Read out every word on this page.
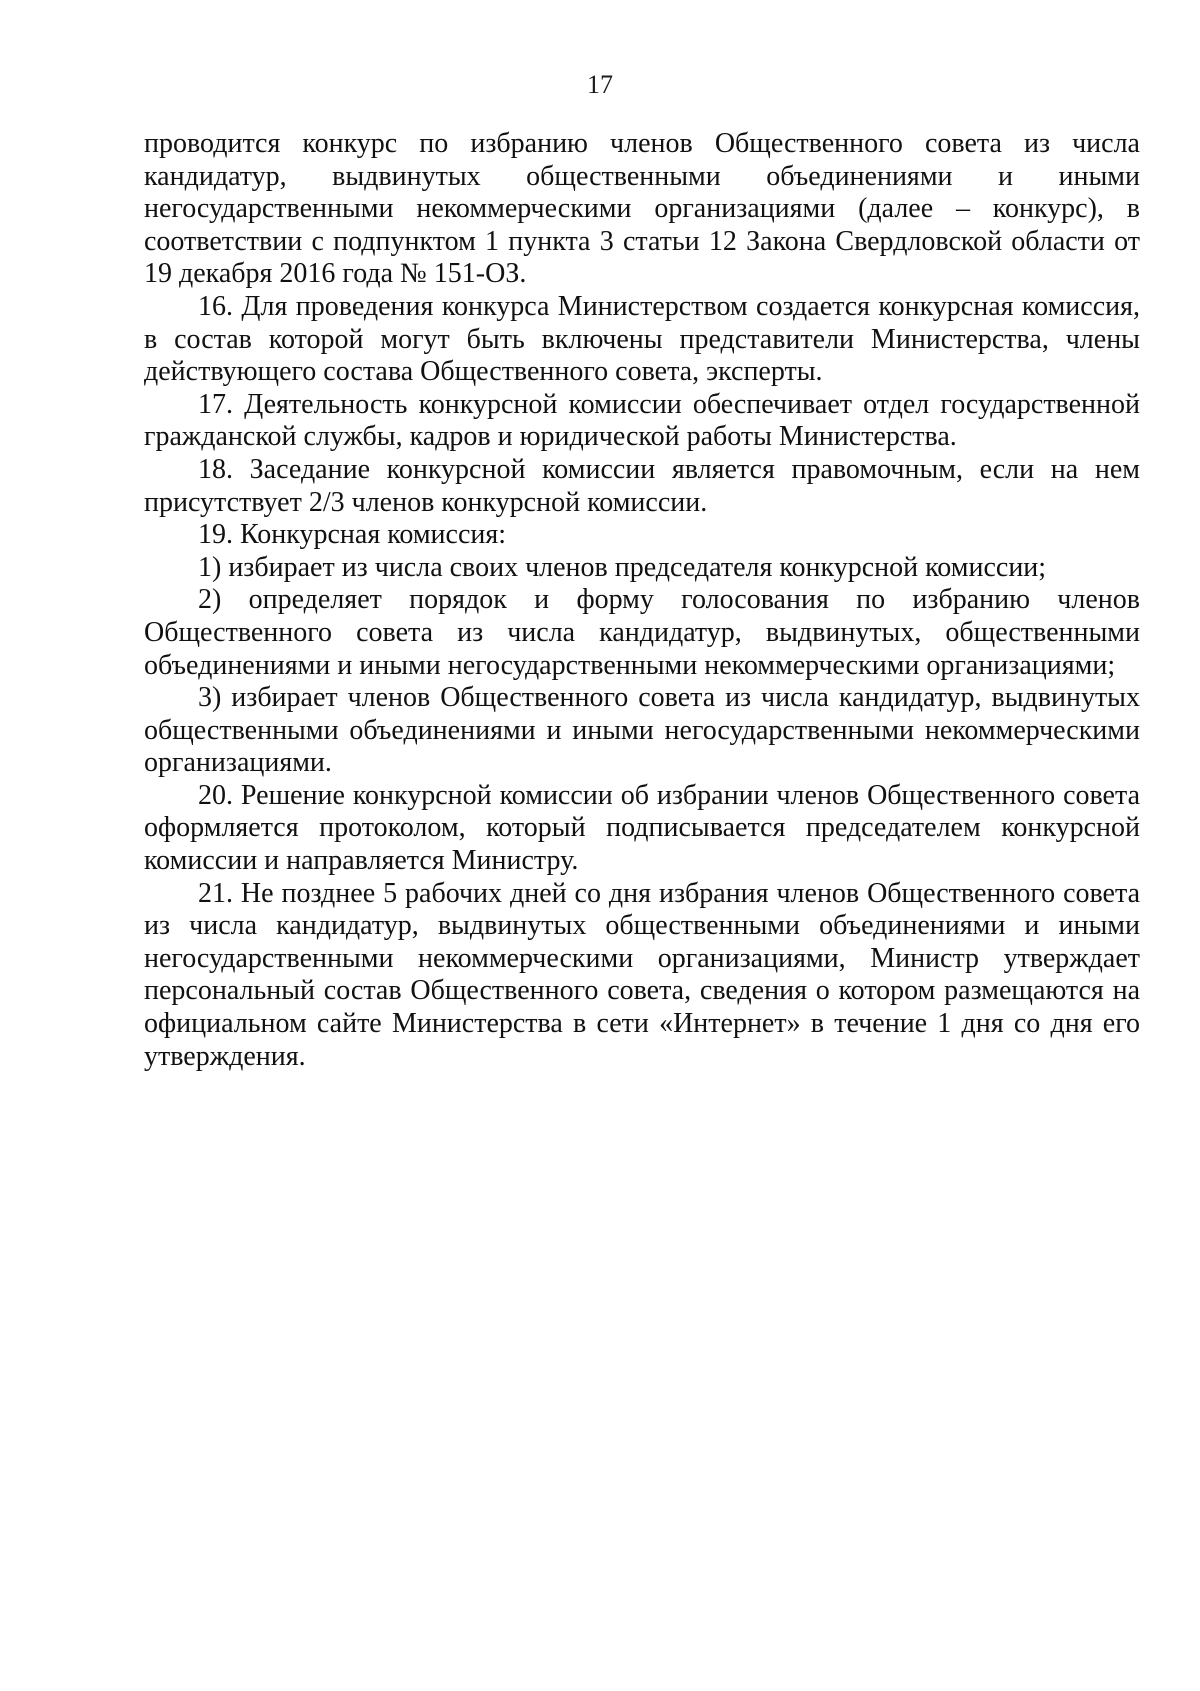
17

проводится конкурс по избранию членов Общественного совета из числа кандидатур, выдвинутых общественными объединениями и иными негосударственными некоммерческими организациями (далее – конкурс), в соответствии с подпунктом 1 пункта 3 статьи 12 Закона Свердловской области от 19 декабря 2016 года № 151-ОЗ.

16. Для проведения конкурса Министерством создается конкурсная комиссия, в состав которой могут быть включены представители Министерства, члены действующего состава Общественного совета, эксперты.

17. Деятельность конкурсной комиссии обеспечивает отдел государственной гражданской службы, кадров и юридической работы Министерства.

18. Заседание конкурсной комиссии является правомочным, если на нем присутствует 2/3 членов конкурсной комиссии.

19. Конкурсная комиссия:

1) избирает из числа своих членов председателя конкурсной комиссии;

2) определяет порядок и форму голосования по избранию членов Общественного совета из числа кандидатур, выдвинутых, общественными объединениями и иными негосударственными некоммерческими организациями;

3) избирает членов Общественного совета из числа кандидатур, выдвинутых общественными объединениями и иными негосударственными некоммерческими организациями.

20. Решение конкурсной комиссии об избрании членов Общественного совета оформляется протоколом, который подписывается председателем конкурсной комиссии и направляется Министру.

21. Не позднее 5 рабочих дней со дня избрания членов Общественного совета из числа кандидатур, выдвинутых общественными объединениями и иными негосударственными некоммерческими организациями, Министр утверждает персональный состав Общественного совета, сведения о котором размещаются на официальном сайте Министерства в сети «Интернет» в течение 1 дня со дня его утверждения.
